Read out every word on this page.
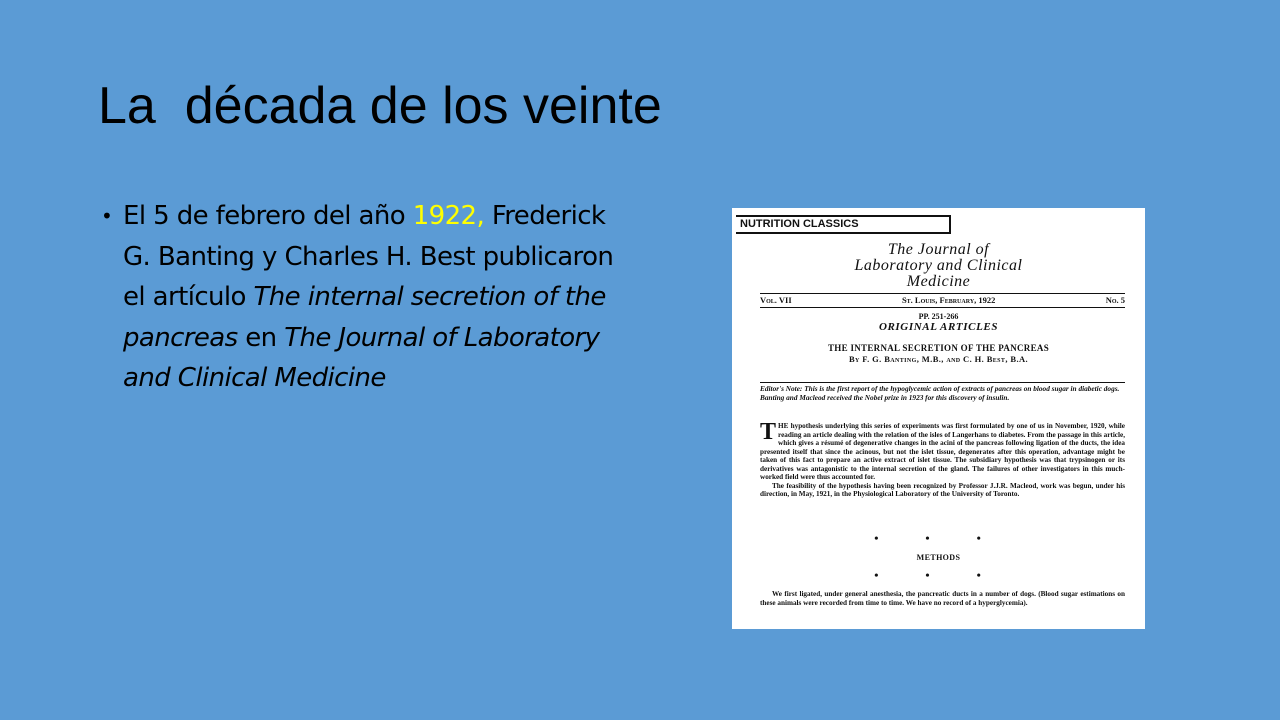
La  década de los veinte
• El 5 de febrero del año 1922, Frederick G. Banting y Charles H. Best publicaron el artículo The internal secretion of the pancreas en The Journal of Laboratory and Clinical Medicine
NUTRITION CLASSICS
The Journal of
Laboratory and Clinical
Medicine
Vol. VII	St. Louis, February, 1922	No. 5
PP. 251-266
ORIGINAL ARTICLES
THE INTERNAL SECRETION OF THE PANCREAS
By F. G. Banting, M.B., and C. H. Best, B.A.
Editor's Note: This is the first report of the hypoglycemic action of extracts of pancreas on blood sugar in diabetic dogs. Banting and Macleod received the Nobel prize in 1923 for this discovery of insulin.
THE hypothesis underlying this series of experiments was first formulated by one of us in November, 1920, while reading an article dealing with the relation of the isles of Langerhans to diabetes. From the passage in this article, which gives a résumé of degenerative changes in the acini of the pancreas following ligation of the ducts, the idea presented itself that since the acinous, but not the islet tissue, degenerates after this operation, advantage might be taken of this fact to prepare an active extract of islet tissue. The subsidiary hypothesis was that trypsinogen or its derivatives was antagonistic to the internal secretion of the gland. The failures of other investigators in this much-worked field were thus accounted for.
The feasibility of the hypothesis having been recognized by Professor J.J.R. Macleod, work was begun, under his direction, in May, 1921, in the Physiological Laboratory of the University of Toronto.
• • •
METHODS
• • •
We first ligated, under general anesthesia, the pancreatic ducts in a number of dogs. (Blood sugar estimations on these animals were recorded from time to time. We have no record of a hyperglycemia).
